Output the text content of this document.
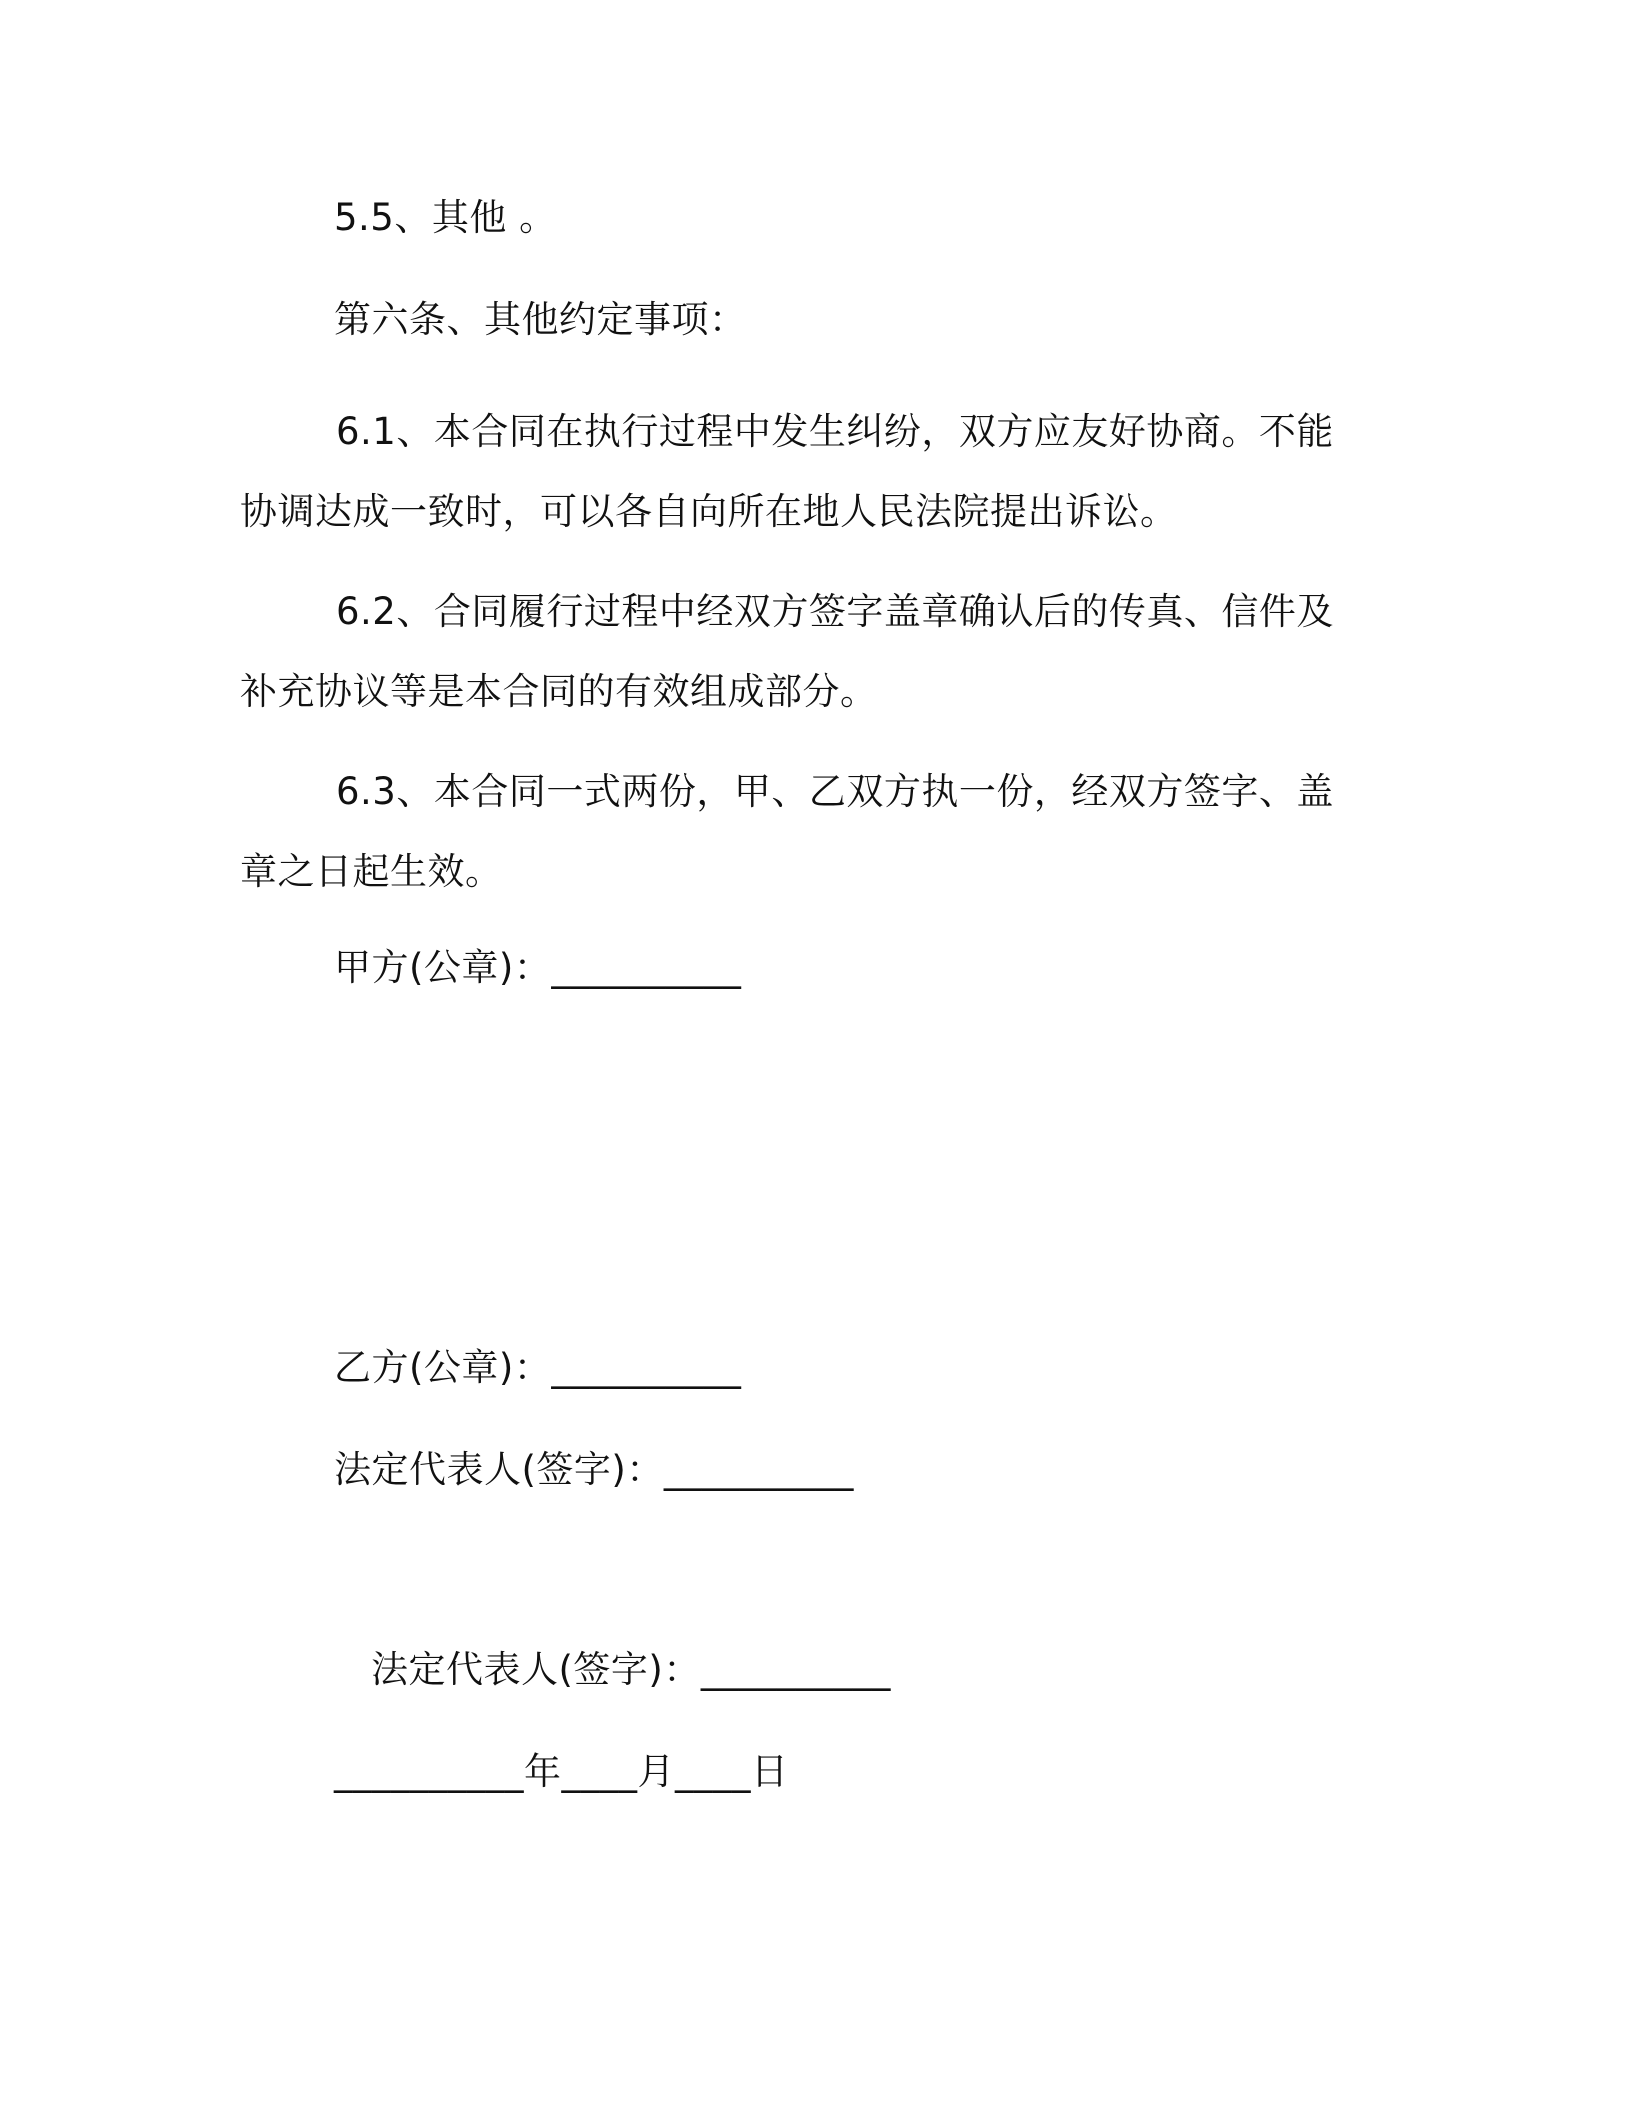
5.5、其他 。
第六条、其他约定事项：
6.1、本合同在执行过程中发生纠纷，双方应友好协商。不能协调达成一致时，可以各自向所在地人民法院提出诉讼。
6.2、合同履行过程中经双方签字盖章确认后的传真、信件及补充协议等是本合同的有效组成部分。
6.3、本合同一式两份，甲、乙双方执一份，经双方签字、盖章之日起生效。
甲方(公章)：__________
乙方(公章)：__________
法定代表人(签字)：__________
法定代表人(签字)：__________
__________年____月____日
